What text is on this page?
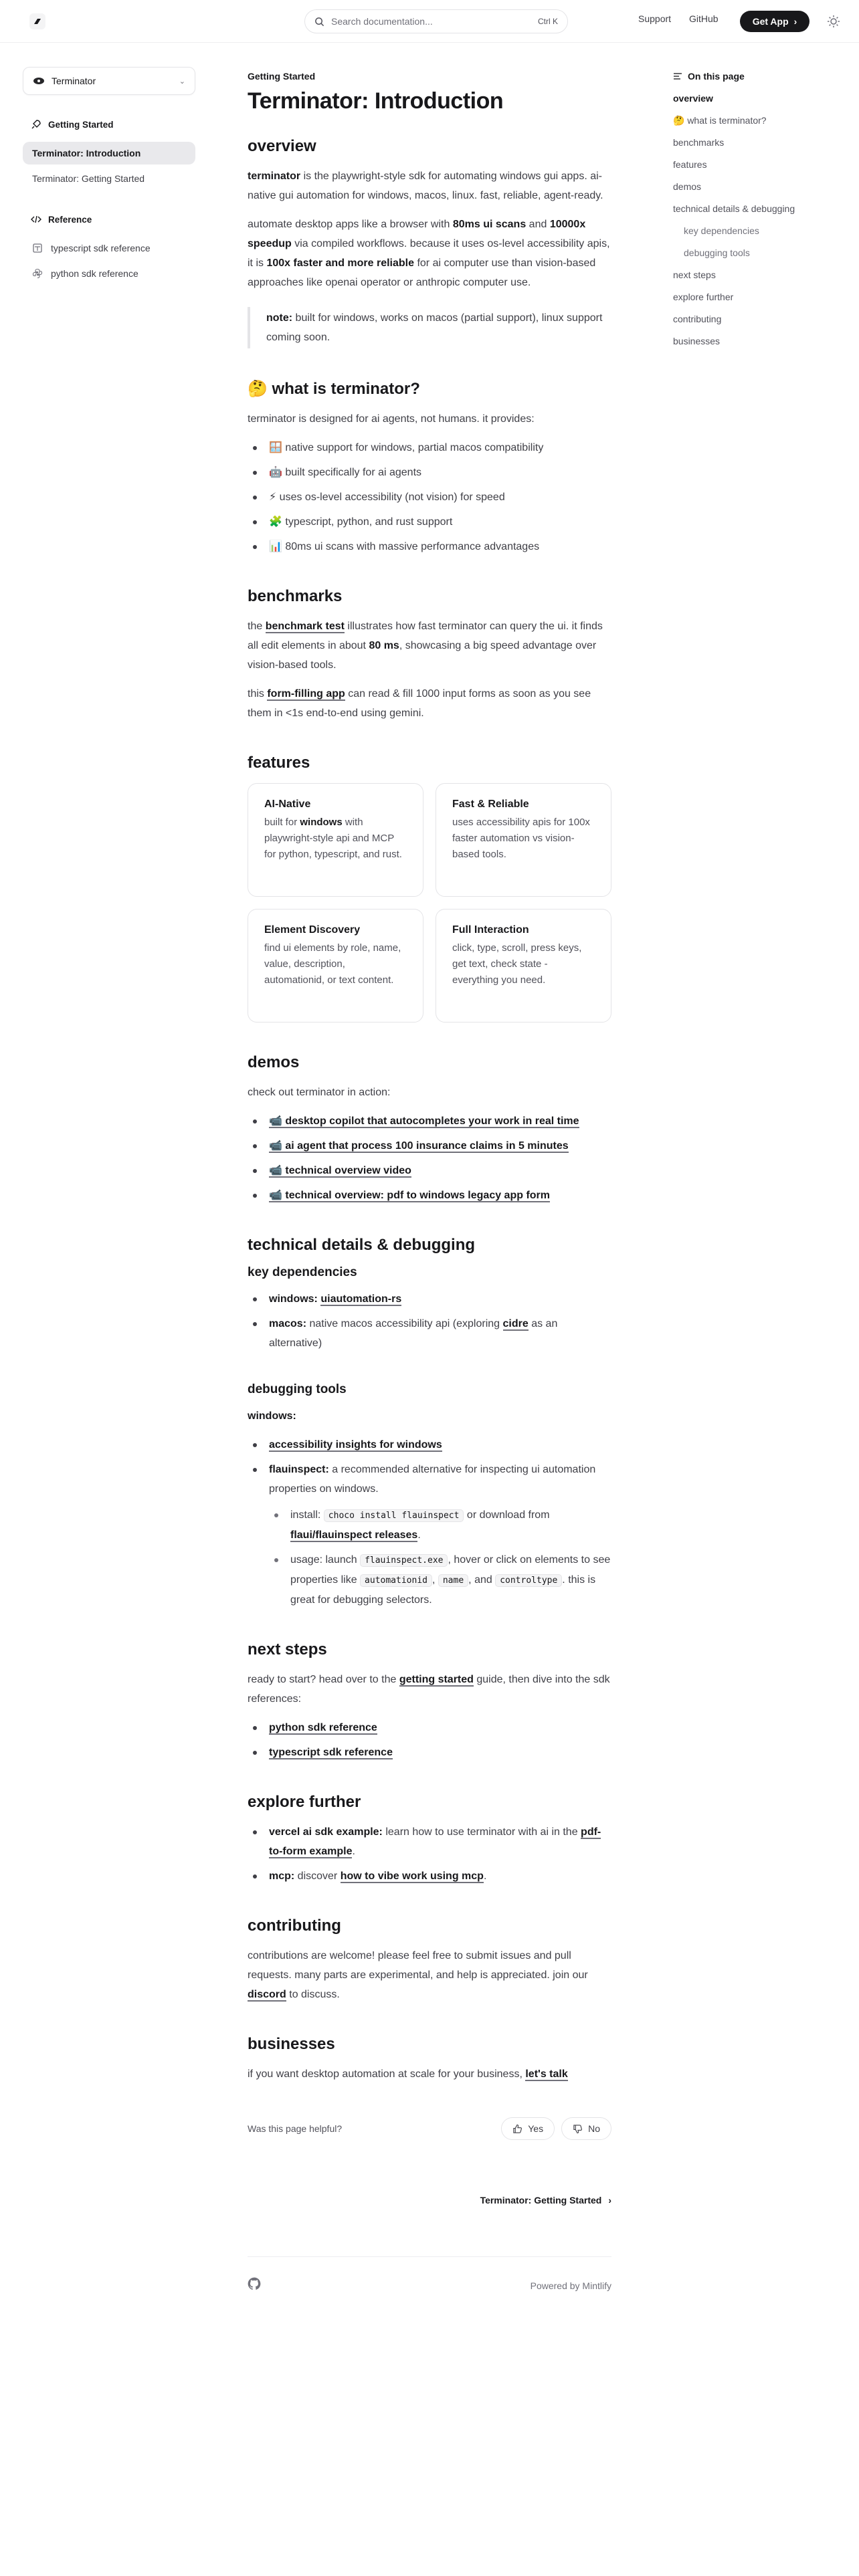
Search documentation...	Ctrl K	Support GitHub	Get App ›
Terminator	⌄
Getting Started
Terminator: Introduction
Terminator: Getting Started
Reference
typescript sdk reference
python sdk reference
Getting Started
Terminator: Introduction
overview

terminator is the playwright-style sdk for automating windows gui apps. ai-native gui automation for windows, macos, linux. fast, reliable, agent-ready.

automate desktop apps like a browser with 80ms ui scans and 10000x speedup via compiled workflows. because it uses os-level accessibility apis, it is 100x faster and more reliable for ai computer use than vision-based approaches like openai operator or anthropic computer use.

note: built for windows, works on macos (partial support), linux support coming soon.

🤔 what is terminator?

terminator is designed for ai agents, not humans. it provides:

🪟 native support for windows, partial macos compatibility
🤖 built specifically for ai agents
⚡ uses os-level accessibility (not vision) for speed
🧩 typescript, python, and rust support
📊 80ms ui scans with massive performance advantages
benchmarks

the benchmark test illustrates how fast terminator can query the ui. it finds all edit elements in about 80 ms, showcasing a big speed advantage over vision-based tools.

this form-filling app can read & fill 1000 input forms as soon as you see them in <1s end-to-end using gemini.

features
AI-Native
built for windows with playwright-style api and MCP for python, typescript, and rust.
Fast & Reliable
uses accessibility apis for 100x faster automation vs vision-based tools.
Element Discovery
find ui elements by role, name, value, description, automationid, or text content.
Full Interaction
click, type, scroll, press keys, get text, check state - everything you need.
demos

check out terminator in action:

📹 desktop copilot that autocompletes your work in real time
📹 ai agent that process 100 insurance claims in 5 minutes
📹 technical overview video
📹 technical overview: pdf to windows legacy app form
technical details & debugging
key dependencies
windows: uiautomation-rs
macos: native macos accessibility api (exploring cidre as an alternative)
debugging tools

windows:

accessibility insights for windows
flauinspect: a recommended alternative for inspecting ui automation properties on windows.
install: choco install flauinspect or download from flaui/flauinspect releases.
usage: launch flauinspect.exe , hover or click on elements to see properties like automationid , name , and controltype . this is great for debugging selectors.
next steps

ready to start? head over to the getting started guide, then dive into the sdk references:

python sdk reference
typescript sdk reference
explore further
vercel ai sdk example: learn how to use terminator with ai in the pdf-to-form example.
mcp: discover how to vibe work using mcp.
contributing

contributions are welcome! please feel free to submit issues and pull requests. many parts are experimental, and help is appreciated. join our discord to discuss.

businesses

if you want desktop automation at scale for your business, let's talk

Was this page helpful?	Yes	No
Terminator: Getting Started ›
Powered by Mintlify
On this page
overview
🤔 what is terminator?
benchmarks
features
demos
technical details & debugging
key dependencies
debugging tools
next steps
explore further
contributing
businesses
